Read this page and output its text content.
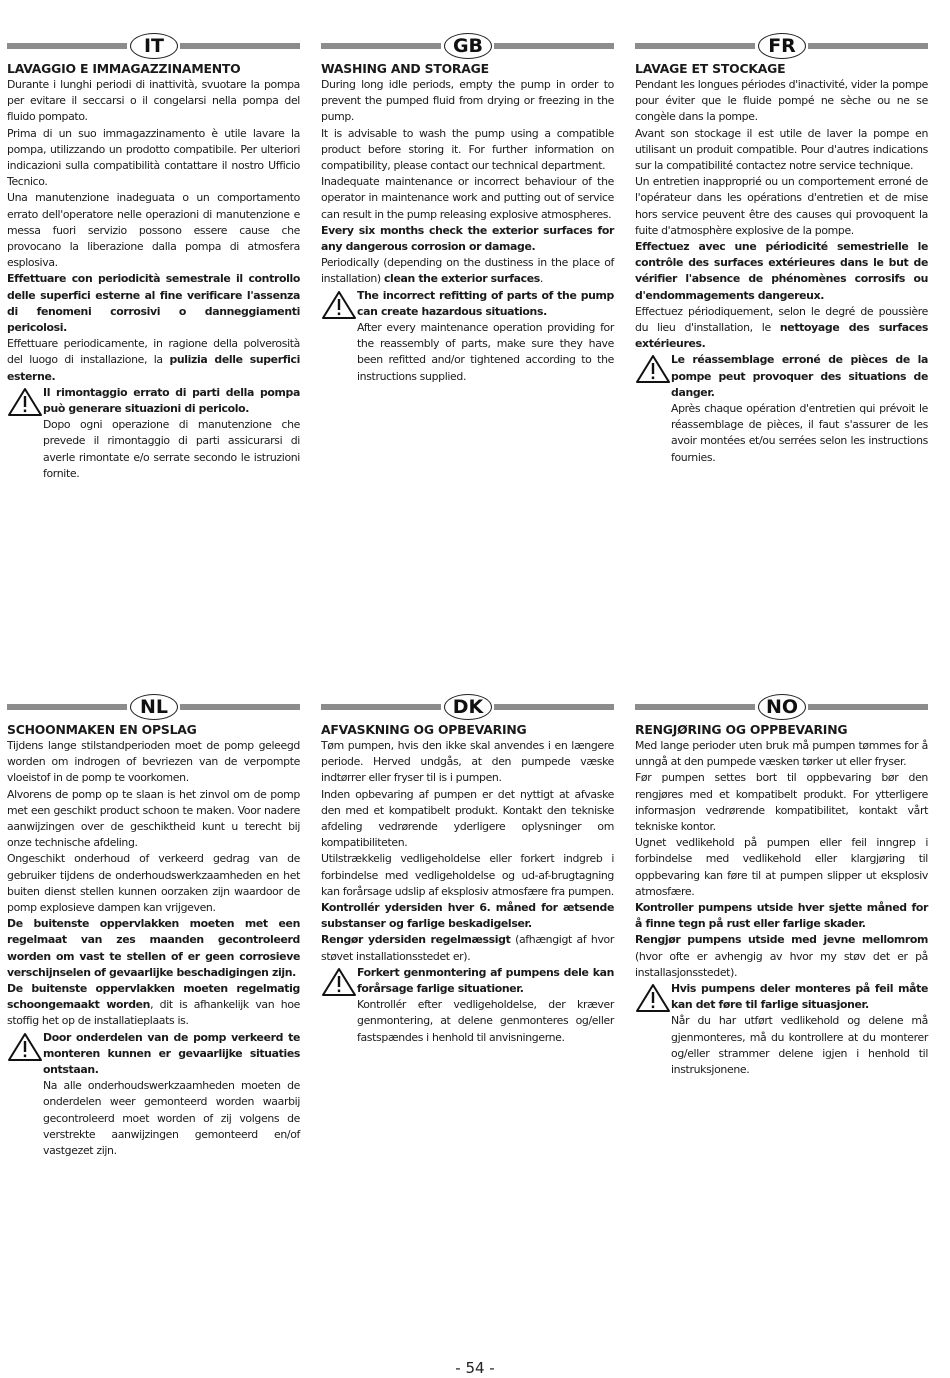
IT
LAVAGGIO E IMMAGAZZINAMENTO

Durante i lunghi periodi di inattività, svuotare la pompa per evitare il seccarsi o il congelarsi nella pompa del fluido pompato.

Prima di un suo immagazzinamento è utile lavare la pompa, utilizzando un prodotto compatibile. Per ulteriori indicazioni sulla compatibilità contattare il nostro Ufficio Tecnico.

Una manutenzione inadeguata o un comportamento errato dell'operatore nelle operazioni di manutenzione e messa fuori servizio possono essere cause che provocano la liberazione dalla pompa di atmosfera esplosiva.

Effettuare con periodicità semestrale il controllo delle superfici esterne al fine verificare l'assenza di fenomeni corrosivi o danneggiamenti pericolosi.

Effettuare periodicamente, in ragione della polverosità del luogo di installazione, la pulizia delle superfici esterne.

Il rimontaggio errato di parti della pompa può generare situazioni di pericolo.

Dopo ogni operazione di manutenzione che prevede il rimontaggio di parti assicurarsi di averle rimontate e/o serrate secondo le istruzioni fornite.

GB
WASHING AND STORAGE

During long idle periods, empty the pump in order to prevent the pumped fluid from drying or freezing in the pump.

It is advisable to wash the pump using a compatible product before storing it. For further information on compatibility, please contact our technical department.

Inadequate maintenance or incorrect behaviour of the operator in maintenance work and putting out of service can result in the pump releasing explosive atmospheres.

Every six months check the exterior surfaces for any dangerous corrosion or damage.

Periodically (depending on the dustiness in the place of installation) clean the exterior surfaces.

The incorrect refitting of parts of the pump can create hazardous situations.

After every maintenance operation providing for the reassembly of parts, make sure they have been refitted and/or tightened according to the instructions supplied.

FR
LAVAGE ET STOCKAGE

Pendant les longues périodes d'inactivité, vider la pompe pour éviter que le fluide pompé ne sèche ou ne se congèle dans la pompe.

Avant son stockage il est utile de laver la pompe en utilisant un produit compatible. Pour d'autres indications sur la compatibilité contactez notre service technique.

Un entretien inapproprié ou un comportement erroné de l'opérateur dans les opérations d'entretien et de mise hors service peuvent être des causes qui provoquent la fuite d'atmosphère explosive de la pompe.

Effectuez avec une périodicité semestrielle le contrôle des surfaces extérieures dans le but de vérifier l'absence de phénomènes corrosifs ou d'endommagements dangereux.

Effectuez périodiquement, selon le degré de poussière du lieu d'installation, le nettoyage des surfaces extérieures.

Le réassemblage erroné de pièces de la pompe peut provoquer des situations de danger.

Après chaque opération d'entretien qui prévoit le réassemblage de pièces, il faut s'assurer de les avoir montées et/ou serrées selon les instructions fournies.

NL
SCHOONMAKEN EN OPSLAG

Tijdens lange stilstandperioden moet de pomp geleegd worden om indrogen of bevriezen van de verpompte vloeistof in de pomp te voorkomen.

Alvorens de pomp op te slaan is het zinvol om de pomp met een geschikt product schoon te maken. Voor nadere aanwijzingen over de geschiktheid kunt u terecht bij onze technische afdeling.

Ongeschikt onderhoud of verkeerd gedrag van de gebruiker tijdens de onderhoudswerkzaamheden en het buiten dienst stellen kunnen oorzaken zijn waardoor de pomp explosieve dampen kan vrijgeven.

De buitenste oppervlakken moeten met een regelmaat van zes maanden gecontroleerd worden om vast te stellen of er geen corrosieve verschijnselen of gevaarlijke beschadigingen zijn.

De buitenste oppervlakken moeten regelmatig schoongemaakt worden, dit is afhankelijk van hoe stoffig het op de installatieplaats is.

Door onderdelen van de pomp verkeerd te monteren kunnen er gevaarlijke situaties ontstaan.

Na alle onderhoudswerkzaamheden moeten de onderdelen weer gemonteerd worden waarbij gecontroleerd moet worden of zij volgens de verstrekte aanwijzingen gemonteerd en/of vastgezet zijn.

DK
AFVASKNING OG OPBEVARING

Tøm pumpen, hvis den ikke skal anvendes i en længere periode. Herved undgås, at den pumpede væske indtørrer eller fryser til is i pumpen.

Inden opbevaring af pumpen er det nyttigt at afvaske den med et kompatibelt produkt. Kontakt den tekniske afdeling vedrørende yderligere oplysninger om kompatibiliteten.

Utilstrækkelig vedligeholdelse eller forkert indgreb i forbindelse med vedligeholdelse og ud-af-brugtagning kan forårsage udslip af eksplosiv atmosfære fra pumpen.

Kontrollér ydersiden hver 6. måned for ætsende substanser og farlige beskadigelser.

Rengør ydersiden regelmæssigt (afhængigt af hvor støvet installationsstedet er).

Forkert genmontering af pumpens dele kan forårsage farlige situationer.

Kontrollér efter vedligeholdelse, der kræver genmontering, at delene genmonteres og/eller fastspændes i henhold til anvisningerne.

NO
RENGJØRING OG OPPBEVARING

Med lange perioder uten bruk må pumpen tømmes for å unngå at den pumpede væsken tørker ut eller fryser.

Før pumpen settes bort til oppbevaring bør den rengjøres med et kompatibelt produkt. For ytterligere informasjon vedrørende kompatibilitet, kontakt vårt tekniske kontor.

Ugnet vedlikehold på pumpen eller feil inngrep i forbindelse med vedlikehold eller klargjøring til oppbevaring kan føre til at pumpen slipper ut eksplosiv atmosfære.

Kontroller pumpens utside hver sjette måned for å finne tegn på rust eller farlige skader.

Rengjør pumpens utside med jevne mellomrom (hvor ofte er avhengig av hvor my støv det er på installasjonsstedet).

Hvis pumpens deler monteres på feil måte kan det føre til farlige situasjoner.

Når du har utført vedlikehold og delene må gjenmonteres, må du kontrollere at du monterer og/eller strammer delene igjen i henhold til instruksjonene.

- 54 -
